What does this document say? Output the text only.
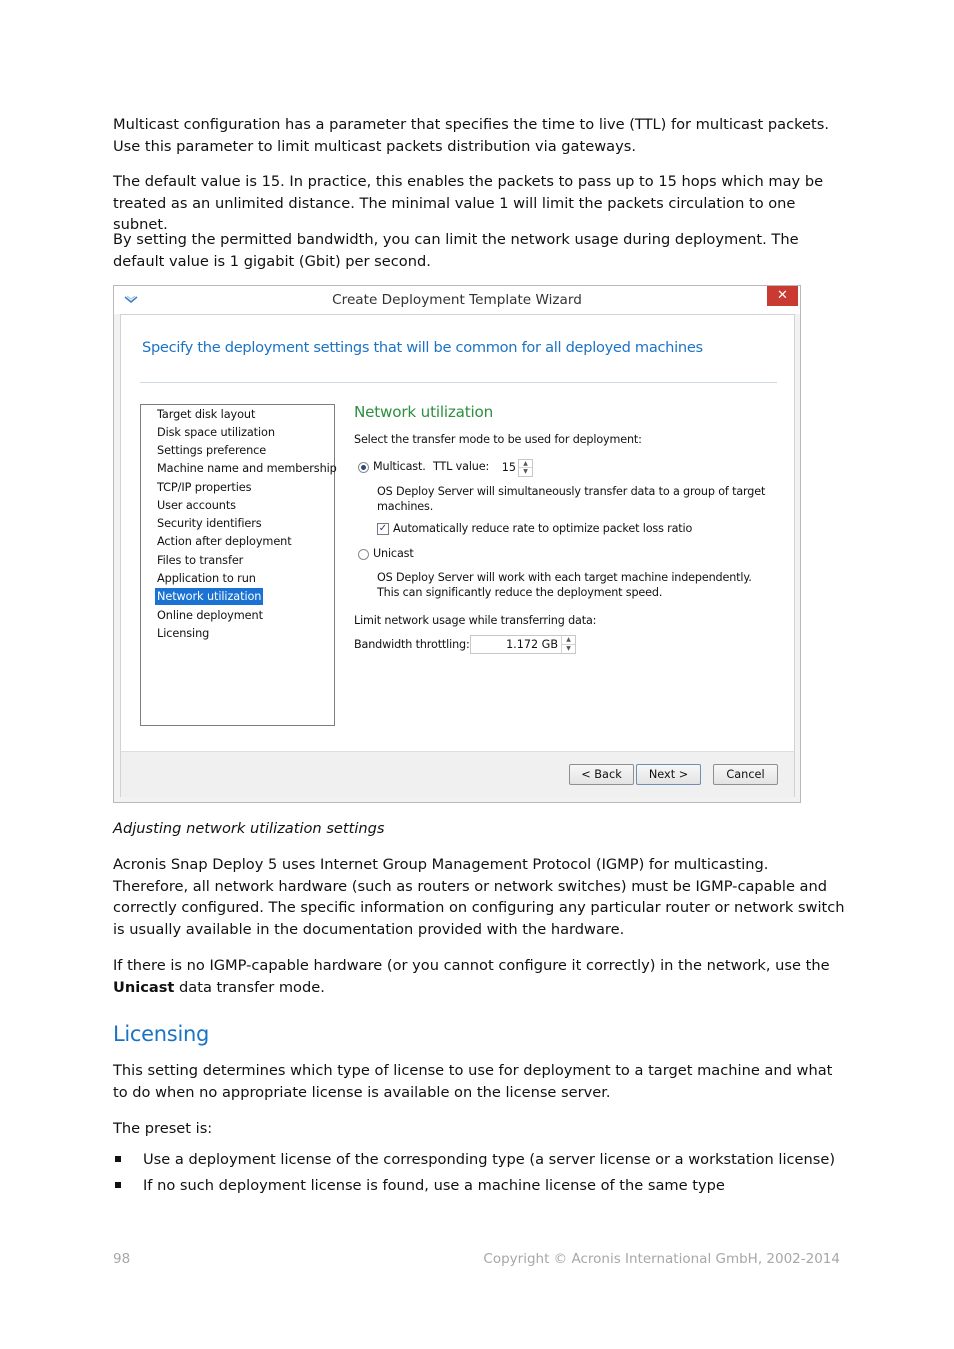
Multicast configuration has a parameter that specifies the time to live (TTL) for multicast packets. Use this parameter to limit multicast packets distribution via gateways.

The default value is 15. In practice, this enables the packets to pass up to 15 hops which may be treated as an unlimited distance. The minimal value 1 will limit the packets circulation to one subnet.

By setting the permitted bandwidth, you can limit the network usage during deployment. The default value is 1 gigabit (Gbit) per second.

Create Deployment Template Wizard	✕
Specify the deployment settings that will be common for all deployed machines
Target disk layout
Disk space utilization
Settings preference
Machine name and membership
TCP/IP properties
User accounts
Security identifiers
Action after deployment
Files to transfer
Application to run
Network utilization
Online deployment
Licensing
Network utilization
Select the transfer mode to be used for deployment:
Multicast. TTL value: 15	▲
▼
OS Deploy Server will simultaneously transfer data to a group of target
machines.
✓ Automatically reduce rate to optimize packet loss ratio
Unicast
OS Deploy Server will work with each target machine independently.
This can significantly reduce the deployment speed.
Limit network usage while transferring data:
Bandwidth throttling:	1.172 GB	▲
▼
< Back	Next >	Cancel

Adjusting network utilization settings

Acronis Snap Deploy 5 uses Internet Group Management Protocol (IGMP) for multicasting. Therefore, all network hardware (such as routers or network switches) must be IGMP-capable and correctly configured. The specific information on configuring any particular router or network switch is usually available in the documentation provided with the hardware.

If there is no IGMP-capable hardware (or you cannot configure it correctly) in the network, use the Unicast data transfer mode.

Licensing

This setting determines which type of license to use for deployment to a target machine and what to do when no appropriate license is available on the license server.

The preset is:

Use a deployment license of the corresponding type (a server license or a workstation license)
If no such deployment license is found, use a machine license of the same type
98	Copyright © Acronis International GmbH, 2002-2014
